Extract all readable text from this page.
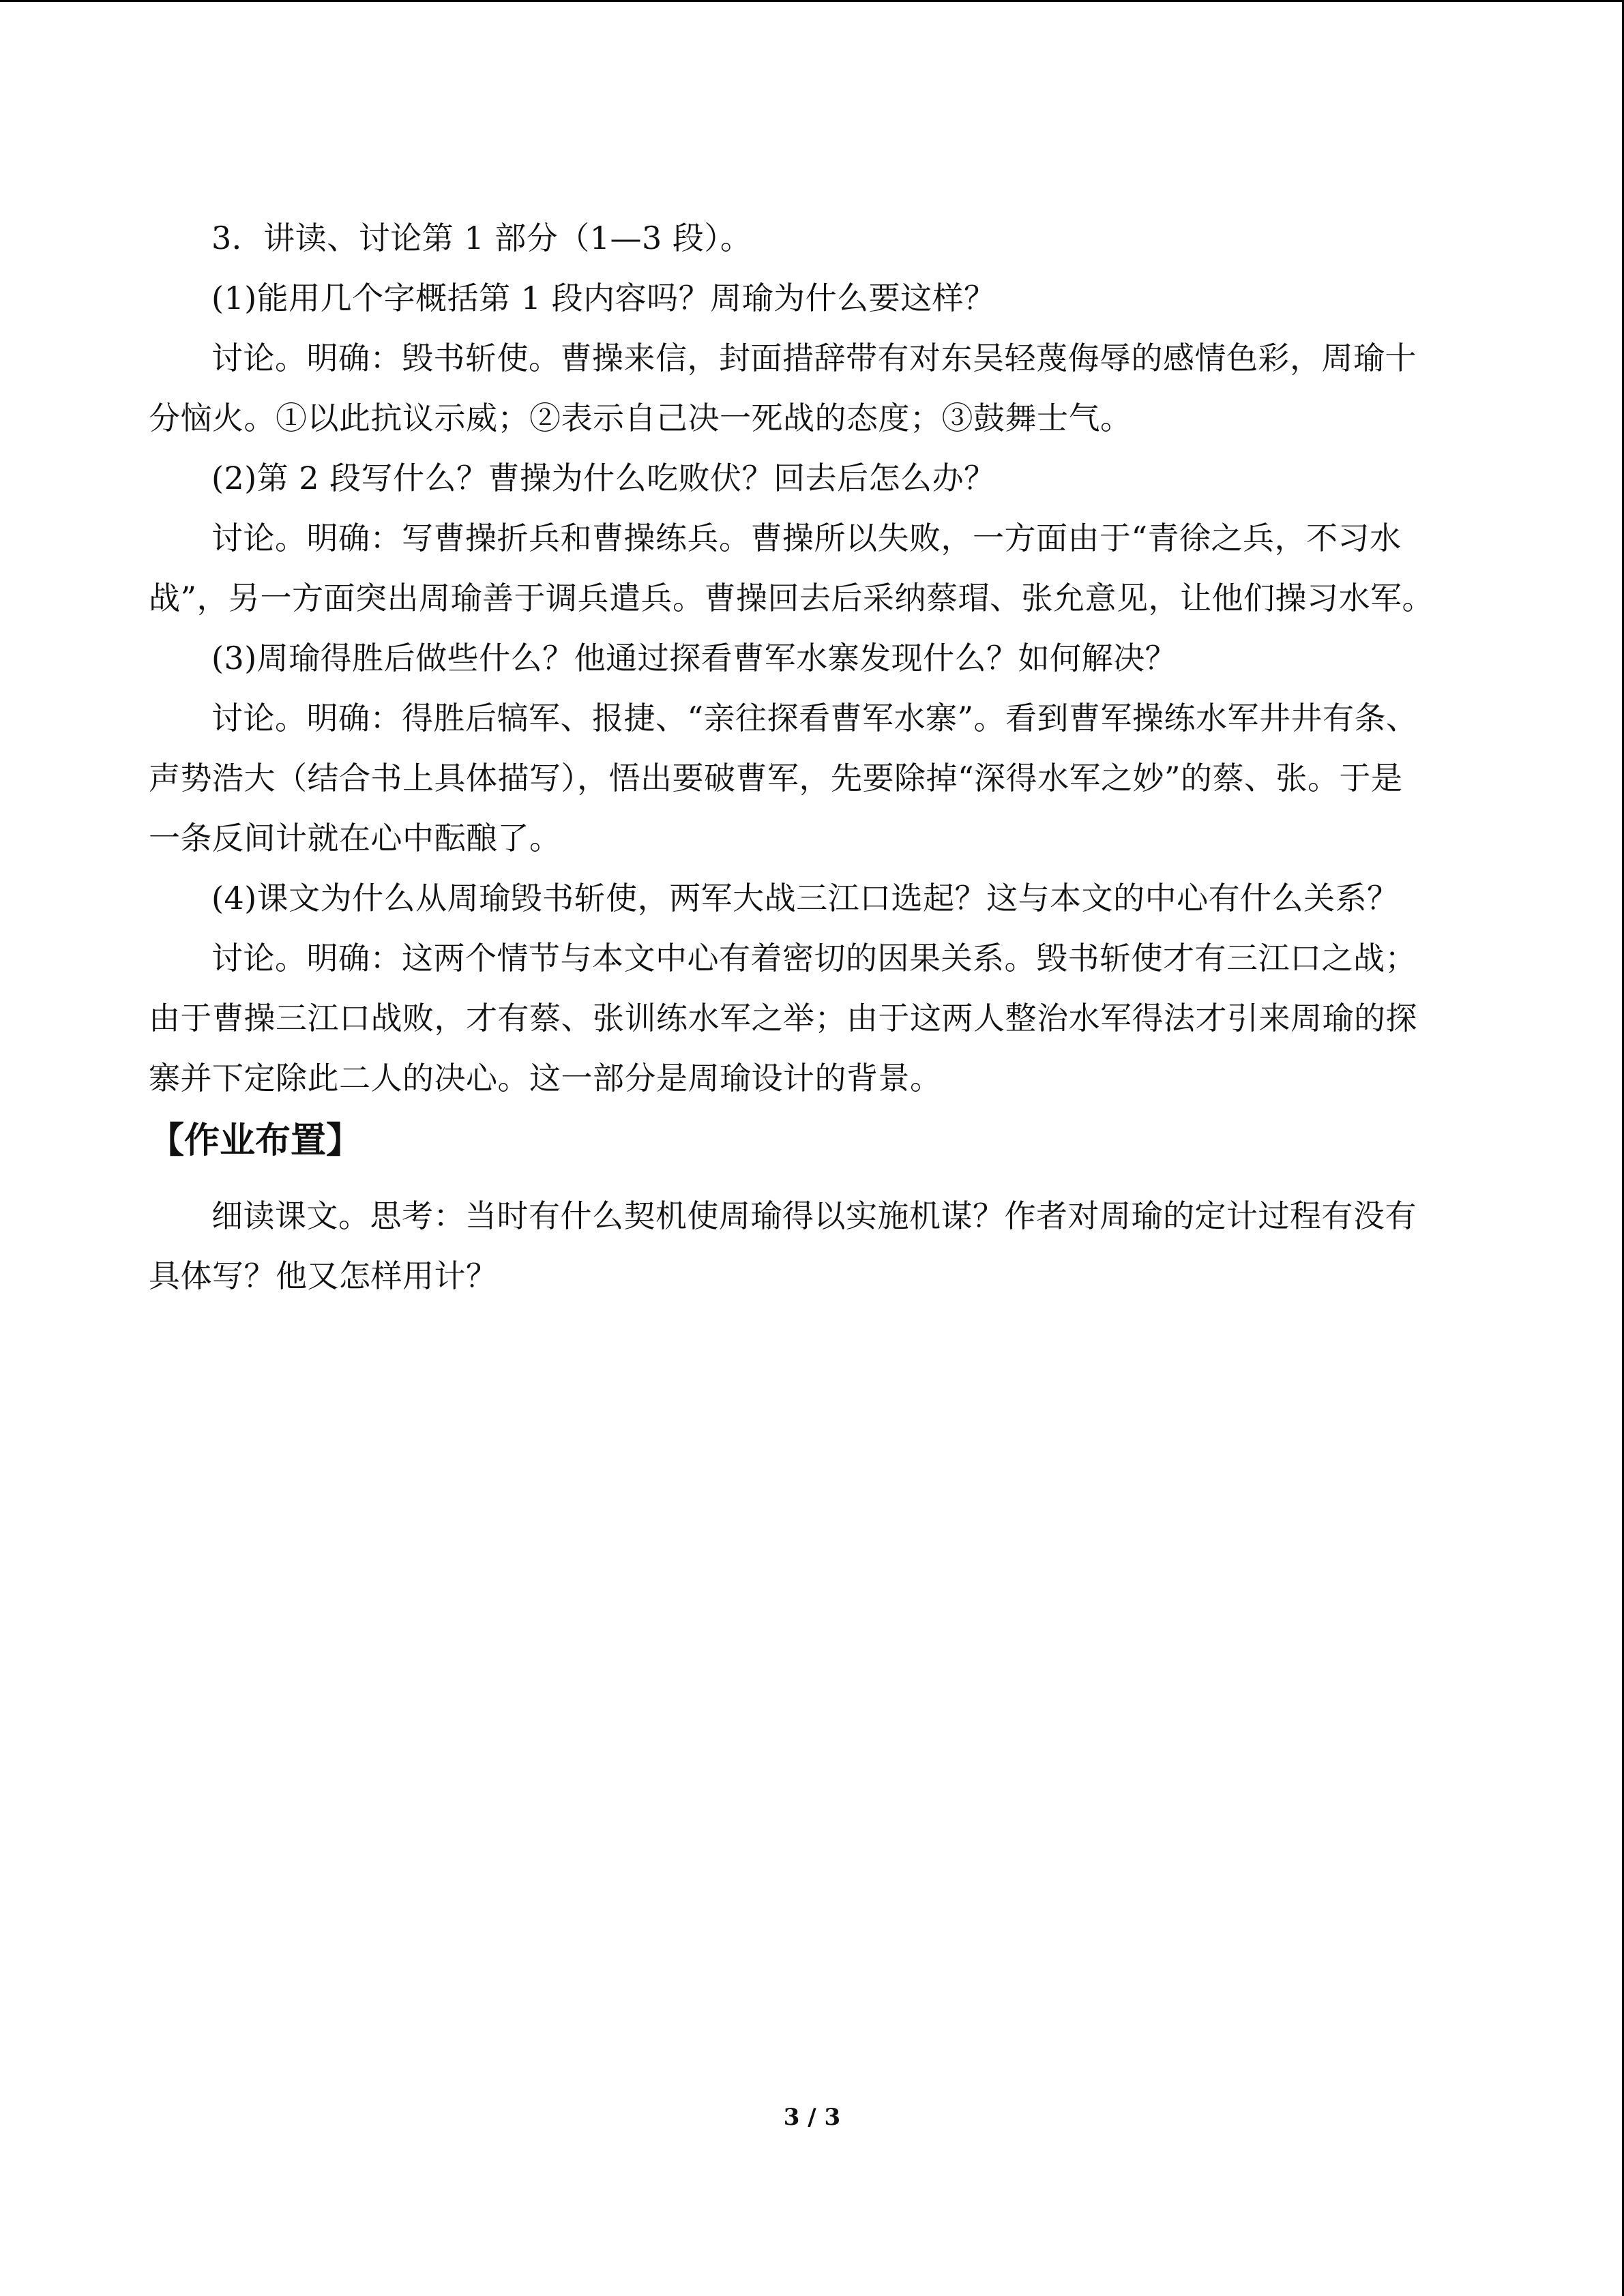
3．讲读、讨论第 1 部分（1—3 段）。
(1)能用几个字概括第 1 段内容吗？周瑜为什么要这样？
讨论。明确：毁书斩使。曹操来信，封面措辞带有对东吴轻蔑侮辱的感情色彩，周瑜十
分恼火。①以此抗议示威；②表示自己决一死战的态度；③鼓舞士气。
(2)第 2 段写什么？曹操为什么吃败伏？回去后怎么办？
讨论。明确：写曹操折兵和曹操练兵。曹操所以失败，一方面由于“青徐之兵，不习水
战”，另一方面突出周瑜善于调兵遣兵。曹操回去后采纳蔡瑁、张允意见，让他们操习水军。
(3)周瑜得胜后做些什么？他通过探看曹军水寨发现什么？如何解决？
讨论。明确：得胜后犒军、报捷、“亲往探看曹军水寨”。看到曹军操练水军井井有条、
声势浩大（结合书上具体描写），悟出要破曹军，先要除掉“深得水军之妙”的蔡、张。于是
一条反间计就在心中酝酿了。
(4)课文为什么从周瑜毁书斩使，两军大战三江口选起？这与本文的中心有什么关系？
讨论。明确：这两个情节与本文中心有着密切的因果关系。毁书斩使才有三江口之战；
由于曹操三江口战败，才有蔡、张训练水军之举；由于这两人整治水军得法才引来周瑜的探
寨并下定除此二人的决心。这一部分是周瑜设计的背景。
【作业布置】
细读课文。思考：当时有什么契机使周瑜得以实施机谋？作者对周瑜的定计过程有没有
具体写？他又怎样用计？
3 / 3
